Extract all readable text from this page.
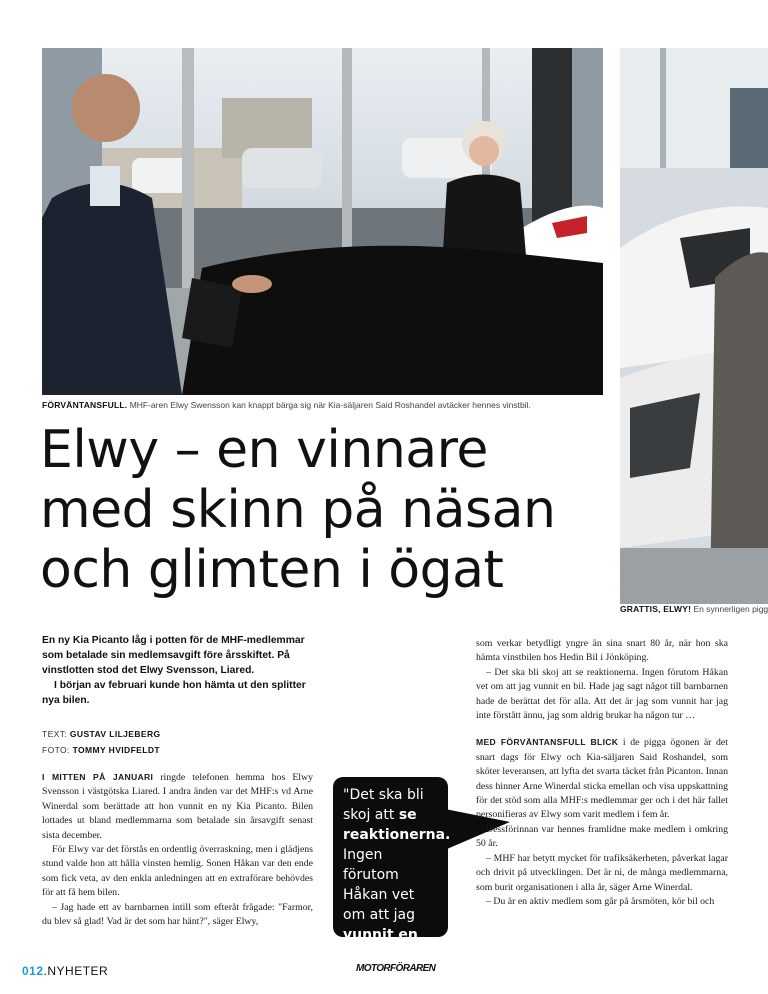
FÖRVÄNTANSFULL. MHF-aren Elwy Swensson kan knappt bärga sig när Kia-säljaren Said Roshandel avtäcker hennes vinstbil.
GRATTIS, ELWY! En synnerligen pigg
Elwy – en vinnare
med skinn på näsan
och glimten i ögat

En ny Kia Picanto låg i potten för de MHF-medlemmar som betalade sin medlemsavgift före årsskiftet. På vinstlotten stod det Elwy Svensson, Liared.

I början av februari kunde hon hämta ut den splitter nya bilen.

TEXT: GUSTAV LILJEBERG
FOTO: TOMMY HVIDFELDT

I MITTEN PÅ JANUARI ringde telefonen hemma hos Elwy Svensson i västgötska Liared. I andra änden var det MHF:s vd Arne Winerdal som berättade att hon vunnit en ny Kia Picanto. Bilen lottades ut bland medlemmarna som betalade sin årsavgift senast sista december.

För Elwy var det förstås en ordentlig överraskning, men i glädjens stund valde hon att hålla vinsten hemlig. Sonen Håkan var den ende som fick veta, av den enkla anledningen att en extraförare behövdes för att få hem bilen.

– Jag hade ett av barnbarnen intill som efteråt frågade: "Farmor, du blev så glad! Vad är det som har hänt?", säger Elwy,

"Det ska bli skoj att se reaktionerna. Ingen förutom Håkan vet om att jag vunnit en bil."

som verkar betydligt yngre än sina snart 80 år, när hon ska hämta vinstbilen hos Hedin Bil i Jönköping.

– Det ska bli skoj att se reaktionerna. Ingen förutom Håkan vet om att jag vunnit en bil. Hade jag sagt något till barnbarnen hade de berättat det för alla. Att det är jag som vunnit har jag inte förstått ännu, jag som aldrig brukar ha någon tur …

MED FÖRVÄNTANSFULL BLICK i de pigga ögonen är det snart dags för Elwy och Kia-säljaren Said Roshandel, som sköter leveransen, att lyfta det svarta täcket från Picanton. Innan dess hinner Arne Winerdal sticka emellan och visa uppskattning för det stöd som alla MHF:s medlemmar ger och i det här fallet personifieras av Elwy som varit medlem i fem år.

Dessförinnan var hennes framlidne make medlem i omkring 50 år.

– MHF har betytt mycket för trafiksäkerheten, påverkat lagar och drivit på utvecklingen. Det är ni, de många medlemmarna, som burit organisationen i alla år, säger Arne Winerdal.

– Du är en aktiv medlem som går på årsmöten, kör bil och

012.NYHETER	MOTORFÖRAREN
